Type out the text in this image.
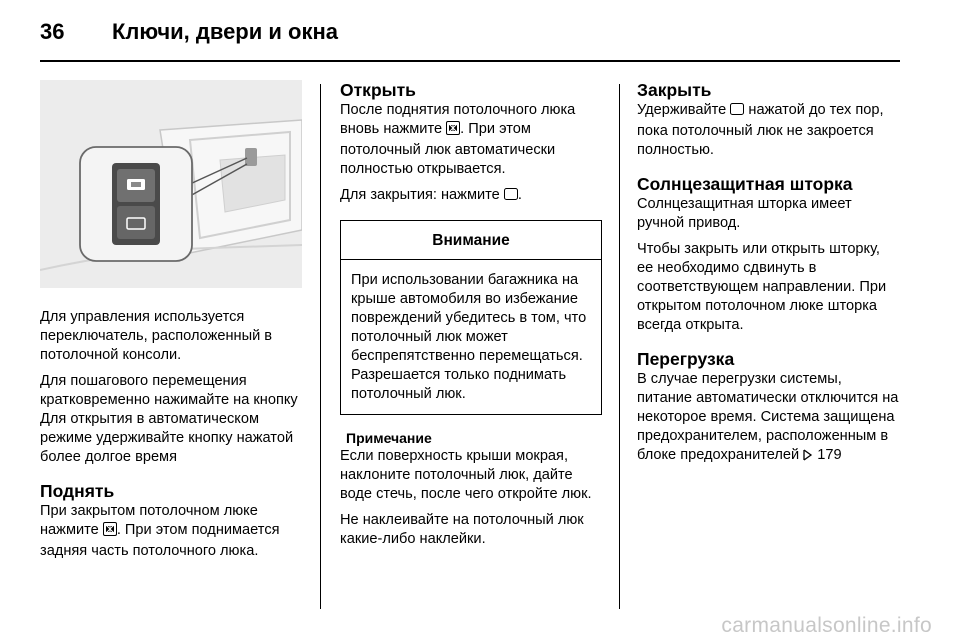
36 Ключи, двери и окна

Для управления используется переключатель, расположенный в потолочной консоли.

Для пошагового перемещения кратковременно нажимайте на кнопку Для открытия в автоматическом режиме удерживайте кнопку нажатой более долгое время

Поднять

При закрытом потолочном люке нажмите . При этом поднимается задняя часть потолочного люка.

Открыть

После поднятия потолочного люка вновь нажмите . При этом потолочный люк автоматически полностью открывается.

Для закрытия: нажмите .

Внимание
При использовании багажника на крыше автомобиля во избежание повреждений убедитесь в том, что потолочный люк может беспрепятственно перемещаться. Разрешается только поднимать потолочный люк.
Примечание

Если поверхность крыши мокрая, наклоните потолочный люк, дайте воде стечь, после чего откройте люк.

Не наклеивайте на потолочный люк какие-либо наклейки.

Закрыть

Удерживайте  нажатой до тех пор, пока потолочный люк не закроется полностью.

Солнцезащитная шторка

Солнцезащитная шторка имеет ручной привод.

Чтобы закрыть или открыть шторку, ее необходимо сдвинуть в соответствующем направлении. При открытом потолочном люке шторка всегда открыта.

Перегрузка

В случае перегрузки системы, питание автоматически отключится на некоторое время. Система защищена предохранителем, расположенным в блоке предохранителей  179

carmanualsonline.info
